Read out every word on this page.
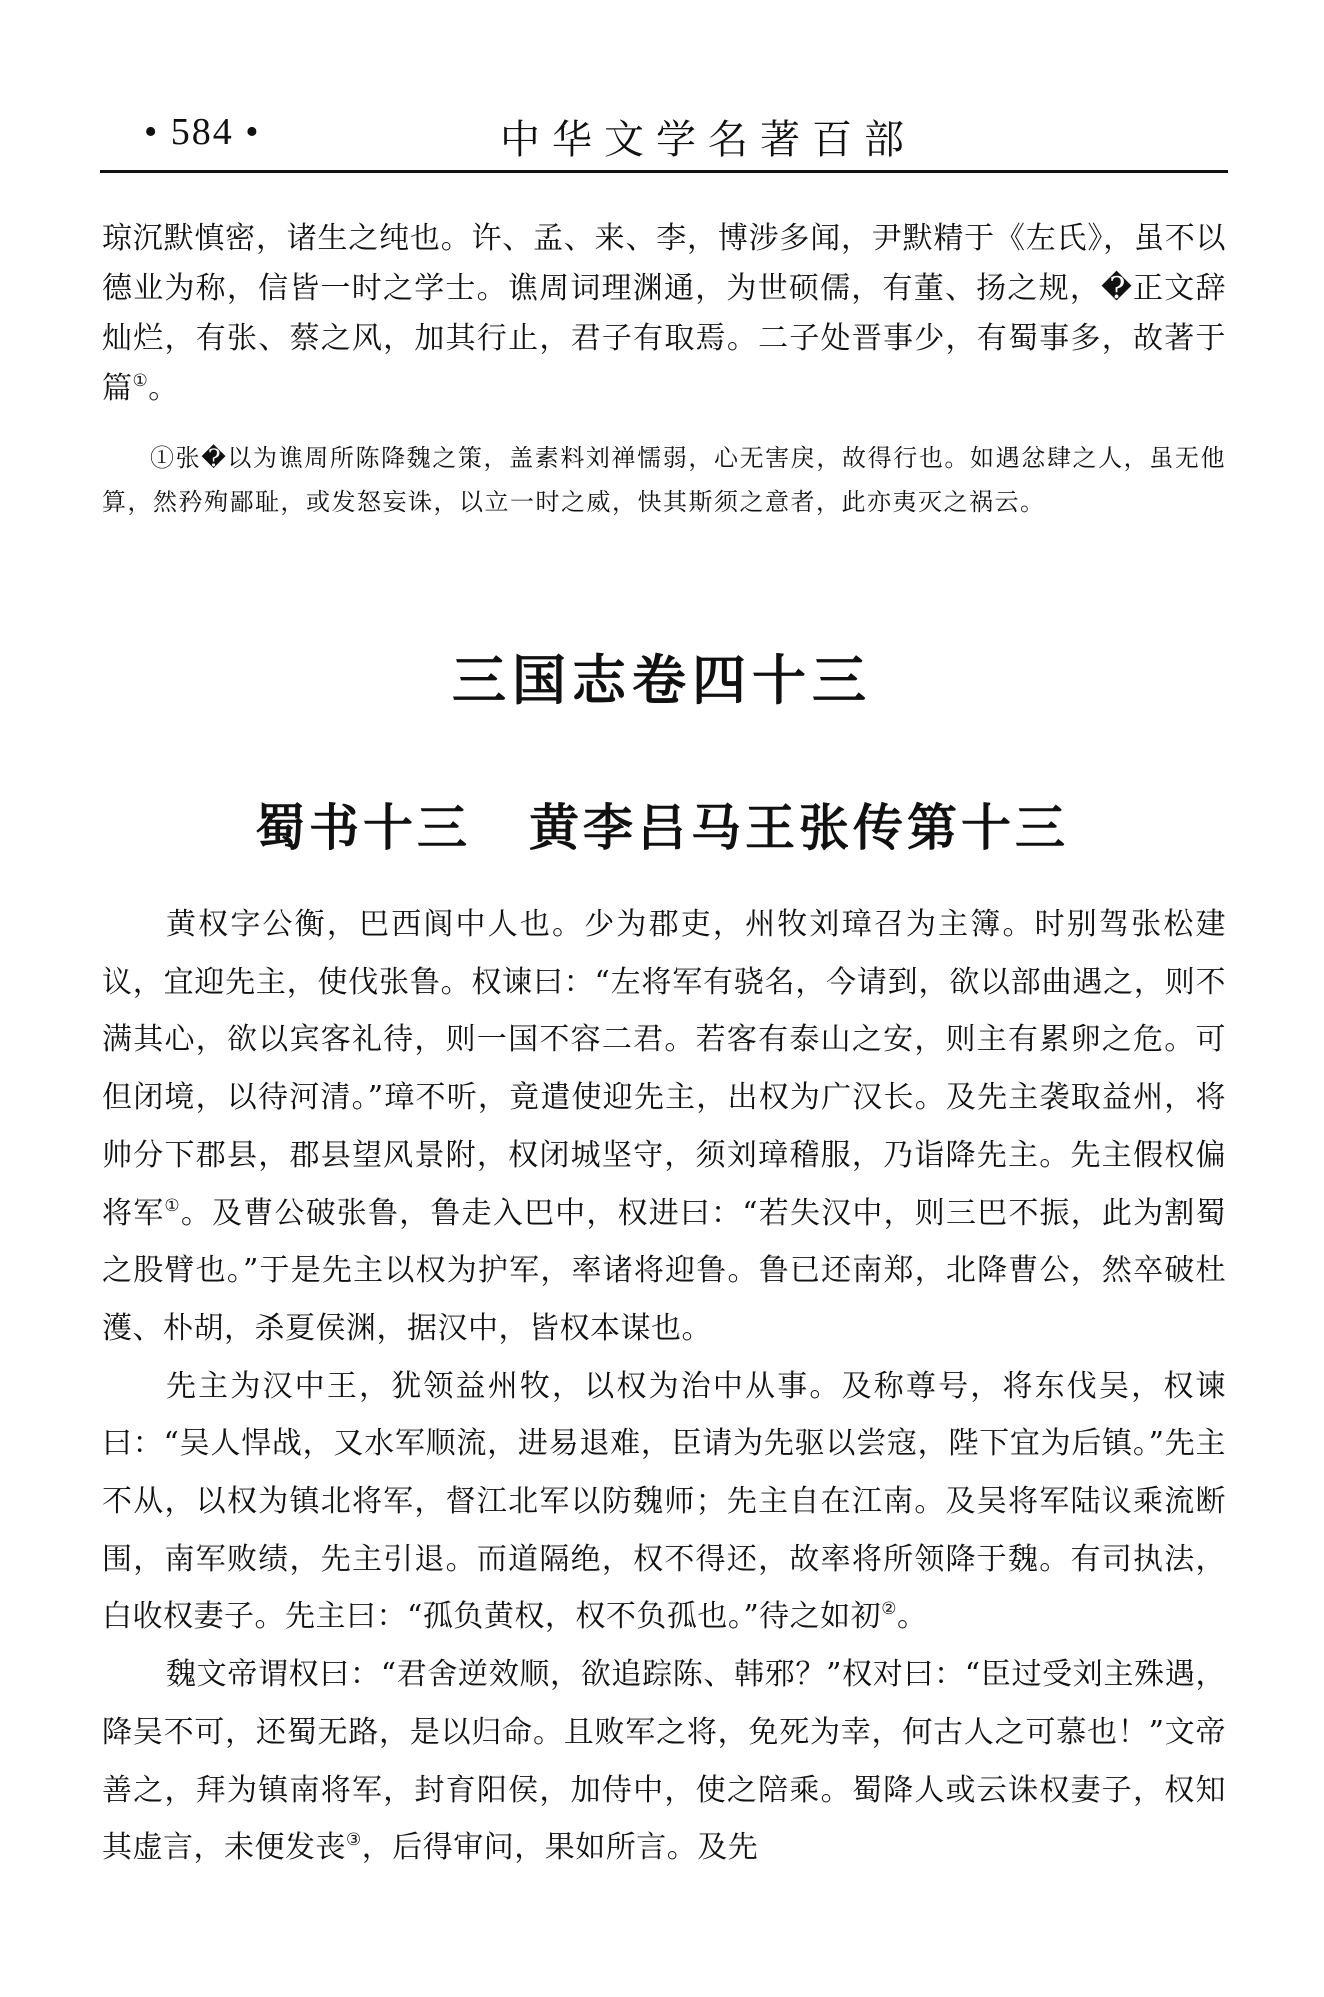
• 584 •	中华文学名著百部

琼沉默慎密，诸生之纯也。许、孟、来、李，博涉多闻，尹默精于《左氏》，虽不以德业为称，信皆一时之学士。谯周词理渊通，为世硕儒，有董、扬之规，�正文辞灿烂，有张、蔡之风，加其行止，君子有取焉。二子处晋事少，有蜀事多，故著于篇①。

①张�以为谯周所陈降魏之策，盖素料刘禅懦弱，心无害戾，故得行也。如遇忿肆之人，虽无他算，然矜殉鄙耻，或发怒妄诛，以立一时之威，快其斯须之意者，此亦夷灭之祸云。

三国志卷四十三
蜀书十三 黄李吕马王张传第十三

黄权字公衡，巴西阆中人也。少为郡吏，州牧刘璋召为主簿。时别驾张松建议，宜迎先主，使伐张鲁。权谏曰：“左将军有骁名，今请到，欲以部曲遇之，则不满其心，欲以宾客礼待，则一国不容二君。若客有泰山之安，则主有累卵之危。可但闭境，以待河清。”璋不听，竟遣使迎先主，出权为广汉长。及先主袭取益州，将帅分下郡县，郡县望风景附，权闭城坚守，须刘璋稽服，乃诣降先主。先主假权偏将军①。及曹公破张鲁，鲁走入巴中，权进曰：“若失汉中，则三巴不振，此为割蜀之股臂也。”于是先主以权为护军，率诸将迎鲁。鲁已还南郑，北降曹公，然卒破杜濩、朴胡，杀夏侯渊，据汉中，皆权本谋也。

先主为汉中王，犹领益州牧，以权为治中从事。及称尊号，将东伐吴，权谏曰：“吴人悍战，又水军顺流，进易退难，臣请为先驱以尝寇，陛下宜为后镇。”先主不从，以权为镇北将军，督江北军以防魏师；先主自在江南。及吴将军陆议乘流断围，南军败绩，先主引退。而道隔绝，权不得还，故率将所领降于魏。有司执法，白收权妻子。先主曰：“孤负黄权，权不负孤也。”待之如初②。

魏文帝谓权曰：“君舍逆效顺，欲追踪陈、韩邪？”权对曰：“臣过受刘主殊遇，降吴不可，还蜀无路，是以归命。且败军之将，免死为幸，何古人之可慕也！”文帝善之，拜为镇南将军，封育阳侯，加侍中，使之陪乘。蜀降人或云诛权妻子，权知其虚言，未便发丧③，后得审问，果如所言。及先
